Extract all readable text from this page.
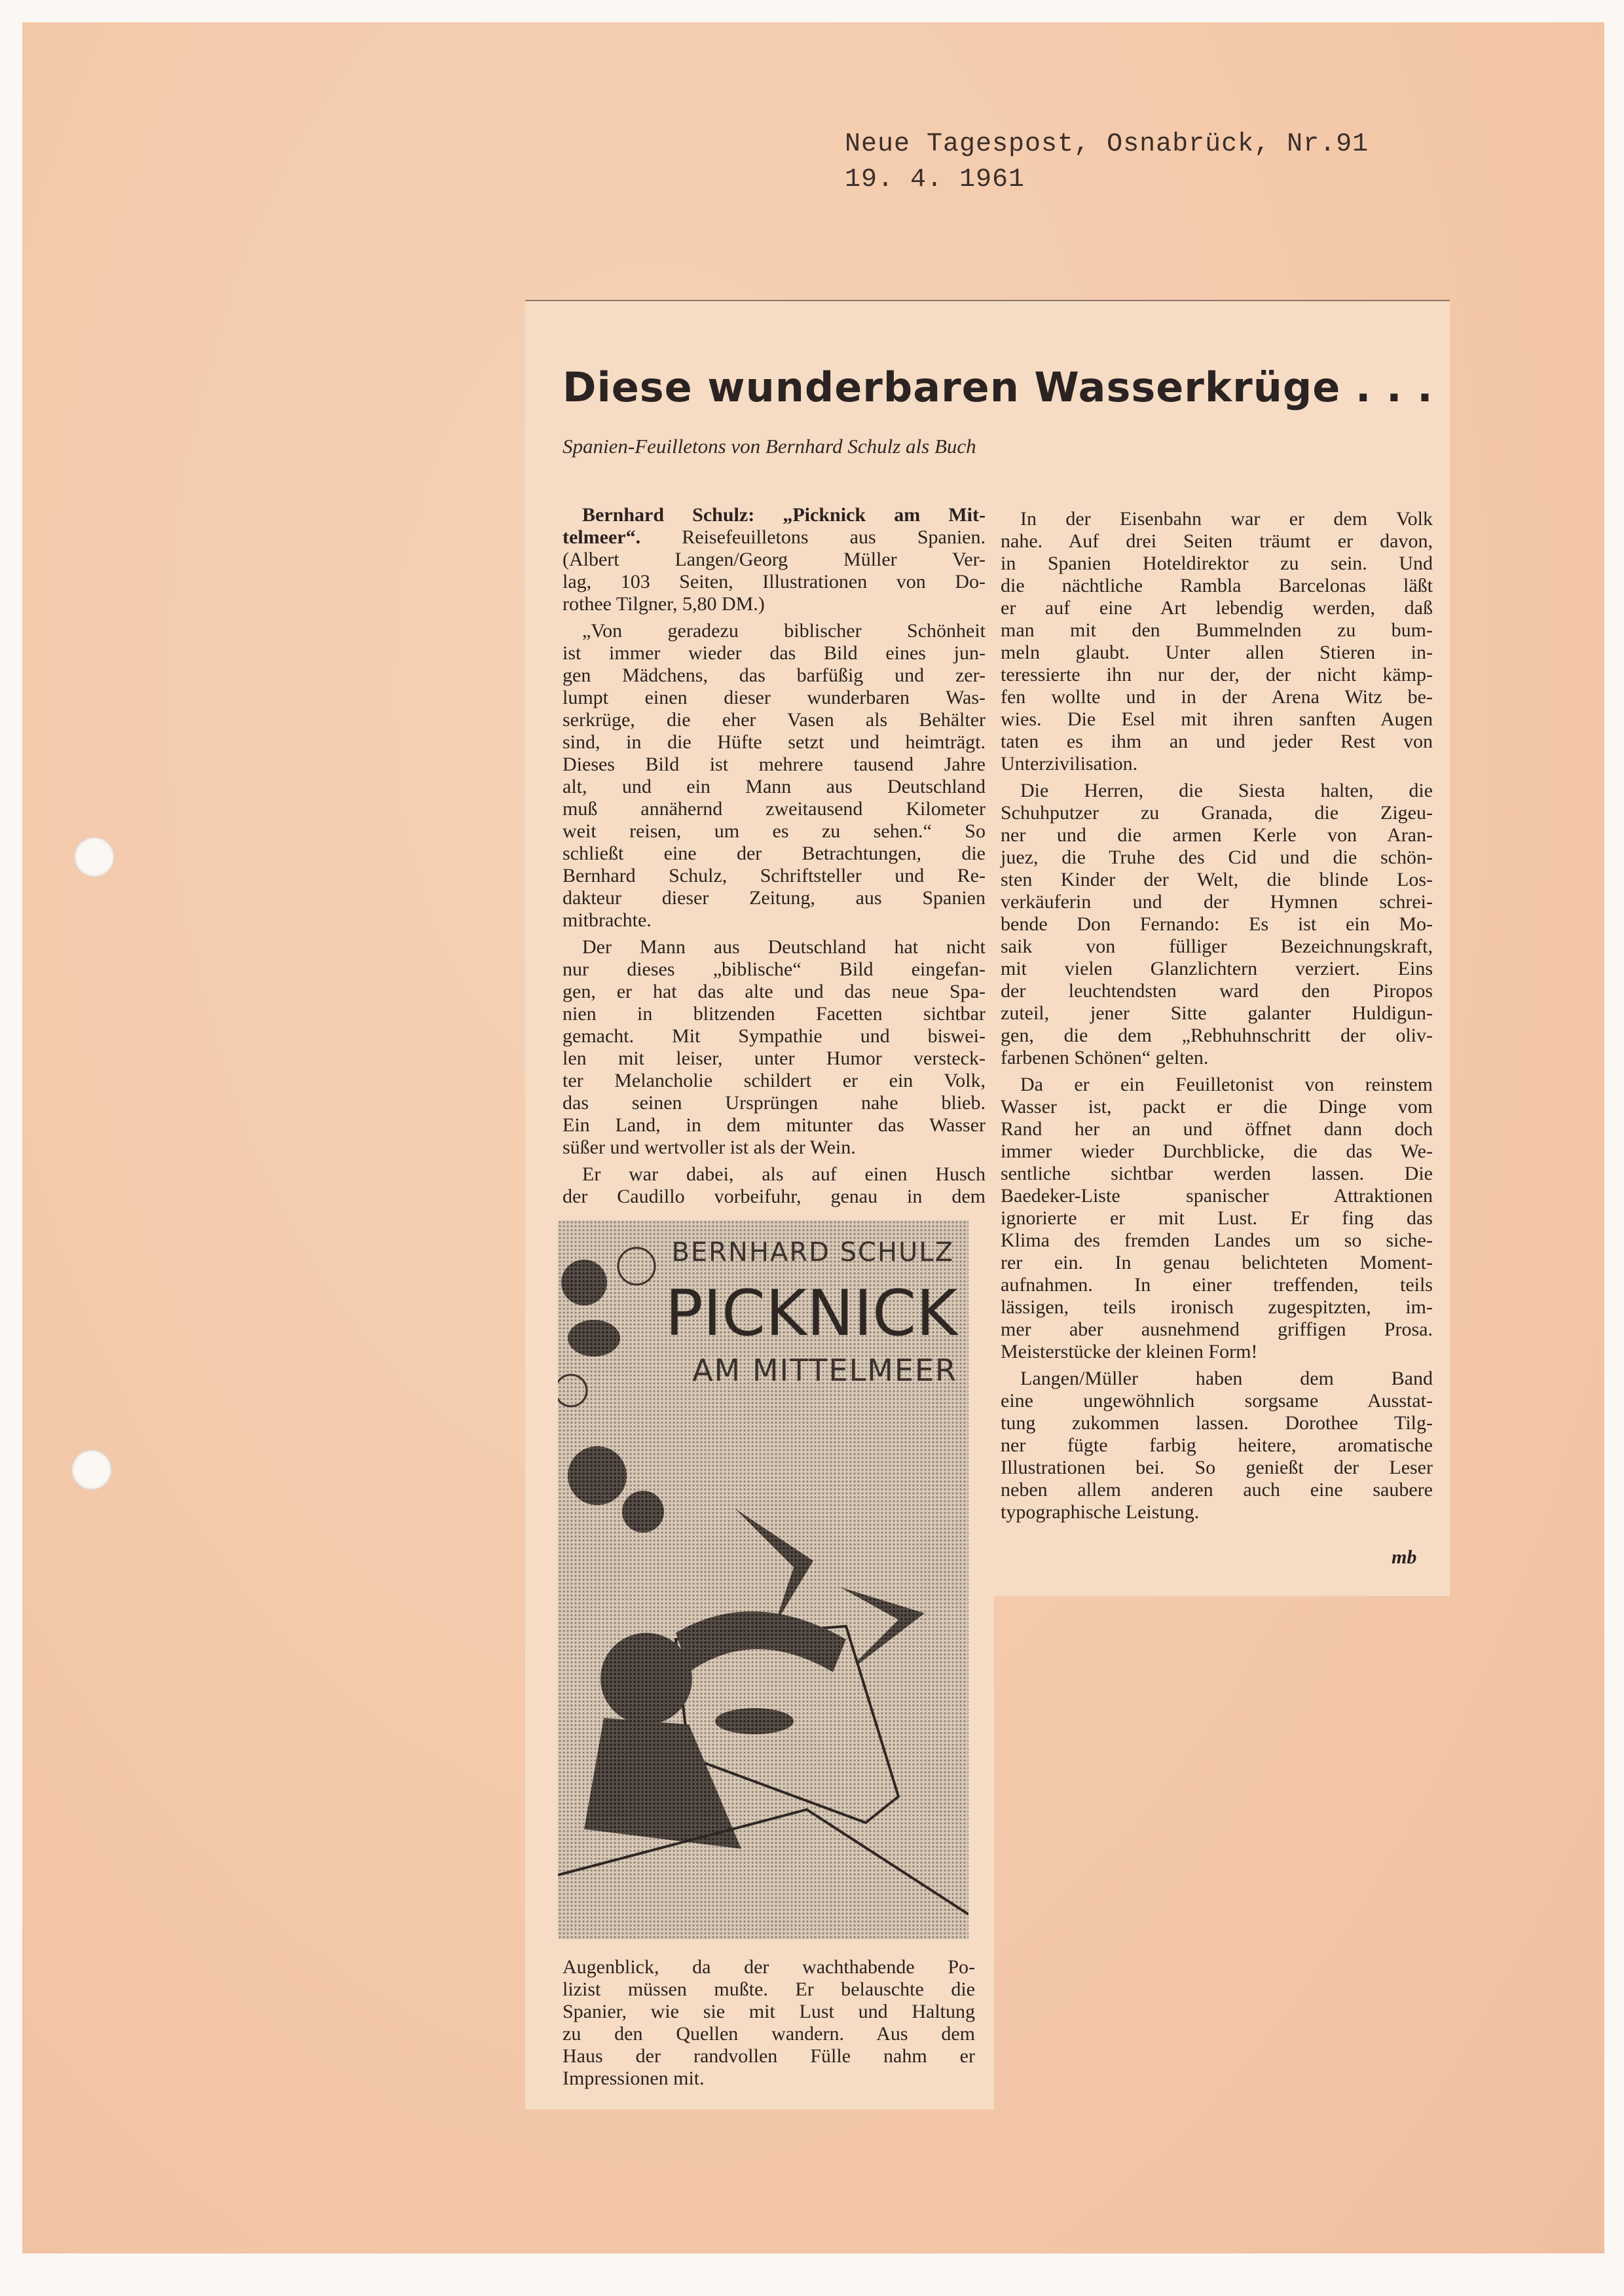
Neue Tagespost, Osnabrück, Nr.91
19. 4. 1961
Diese wunderbaren Wasserkrüge . . .
Spanien-Feuilletons von Bernhard Schulz als Buch
Bernhard Schulz: „Picknick am Mit-
telmeer“. Reisefeuilletons aus Spanien.
(Albert Langen/Georg Müller Ver-
lag, 103 Seiten, Illustrationen von Do-
rothee Tilgner, 5,80 DM.)
„Von geradezu biblischer Schönheit
ist immer wieder das Bild eines jun-
gen Mädchens, das barfüßig und zer-
lumpt einen dieser wunderbaren Was-
serkrüge, die eher Vasen als Behälter
sind, in die Hüfte setzt und heimträgt.
Dieses Bild ist mehrere tausend Jahre
alt, und ein Mann aus Deutschland
muß annähernd zweitausend Kilometer
weit reisen, um es zu sehen.“ So
schließt eine der Betrachtungen, die
Bernhard Schulz, Schriftsteller und Re-
dakteur dieser Zeitung, aus Spanien
mitbrachte.
Der Mann aus Deutschland hat nicht
nur dieses „biblische“ Bild eingefan-
gen, er hat das alte und das neue Spa-
nien in blitzenden Facetten sichtbar
gemacht. Mit Sympathie und biswei-
len mit leiser, unter Humor versteck-
ter Melancholie schildert er ein Volk,
das seinen Ursprüngen nahe blieb.
Ein Land, in dem mitunter das Wasser
süßer und wertvoller ist als der Wein.
Er war dabei, als auf einen Husch
der Caudillo vorbeifuhr, genau in dem
Augenblick, da der wachthabende Po-
lizist müssen mußte. Er belauschte die
Spanier, wie sie mit Lust und Haltung
zu den Quellen wandern. Aus dem
Haus der randvollen Fülle nahm er
Impressionen mit.
In der Eisenbahn war er dem Volk
nahe. Auf drei Seiten träumt er davon,
in Spanien Hoteldirektor zu sein. Und
die nächtliche Rambla Barcelonas läßt
er auf eine Art lebendig werden, daß
man mit den Bummelnden zu bum-
meln glaubt. Unter allen Stieren in-
teressierte ihn nur der, der nicht kämp-
fen wollte und in der Arena Witz be-
wies. Die Esel mit ihren sanften Augen
taten es ihm an und jeder Rest von
Unterzivilisation.
Die Herren, die Siesta halten, die
Schuhputzer zu Granada, die Zigeu-
ner und die armen Kerle von Aran-
juez, die Truhe des Cid und die schön-
sten Kinder der Welt, die blinde Los-
verkäuferin und der Hymnen schrei-
bende Don Fernando: Es ist ein Mo-
saik von fülliger Bezeichnungskraft,
mit vielen Glanzlichtern verziert. Eins
der leuchtendsten ward den Piropos
zuteil, jener Sitte galanter Huldigun-
gen, die dem „Rebhuhnschritt der oliv-
farbenen Schönen“ gelten.
Da er ein Feuilletonist von reinstem
Wasser ist, packt er die Dinge vom
Rand her an und öffnet dann doch
immer wieder Durchblicke, die das We-
sentliche sichtbar werden lassen. Die
Baedeker-Liste spanischer Attraktionen
ignorierte er mit Lust. Er fing das
Klima des fremden Landes um so siche-
rer ein. In genau belichteten Moment-
aufnahmen. In einer treffenden, teils
lässigen, teils ironisch zugespitzten, im-
mer aber ausnehmend griffigen Prosa.
Meisterstücke der kleinen Form!
Langen/Müller haben dem Band
eine ungewöhnlich sorgsame Ausstat-
tung zukommen lassen. Dorothee Tilg-
ner fügte farbig heitere, aromatische
Illustrationen bei. So genießt der Leser
neben allem anderen auch eine saubere
typographische Leistung.
mb
BERNHARD SCHULZ
PICKNICK
AM MITTELMEER
